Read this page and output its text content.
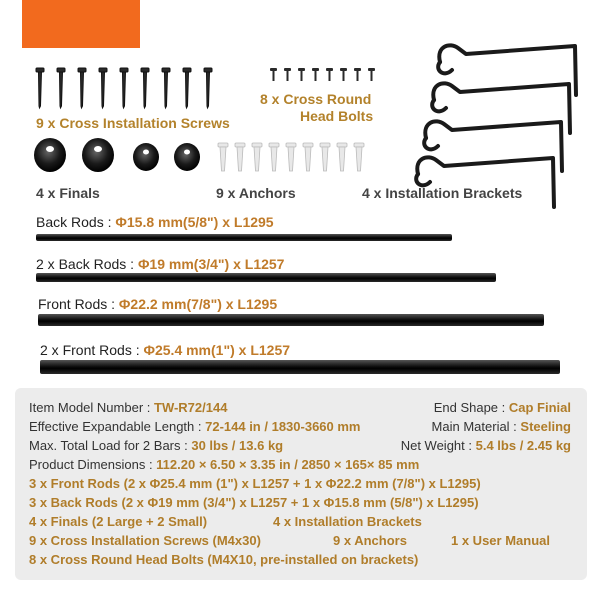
9 x Cross Installation Screws
8 x Cross Round
Head Bolts
4 x Finals	9 x Anchors	4 x Installation Brackets
Back Rods : Φ15.8 mm(5/8") x L1295
2 x Back Rods : Φ19 mm(3/4") x L1257
Front Rods : Φ22.2 mm(7/8") x L1295
2 x Front Rods : Φ25.4 mm(1") x L1257
Item Model Number : TW-R72/144	End Shape : Cap Finial
Effective Expandable Length : 72-144 in / 1830-3660 mm	Main Material : Steeling
Max. Total Load for 2 Bars : 30 lbs / 13.6 kg	Net Weight : 5.4 lbs / 2.45 kg
Product Dimensions : 112.20 × 6.50 × 3.35 in / 2850 × 165× 85 mm
3 x Front Rods (2 x Φ25.4 mm (1") x L1257 + 1 x Φ22.2 mm (7/8") x L1295)
3 x Back Rods (2 x Φ19 mm (3/4") x L1257 + 1 x Φ15.8 mm (5/8") x L1295)
4 x Finals (2 Large + 2 Small)	4 x Installation Brackets
9 x Cross Installation Screws (M4x30)	9 x Anchors	1 x User Manual
8 x Cross Round Head Bolts (M4X10, pre-installed on brackets)
